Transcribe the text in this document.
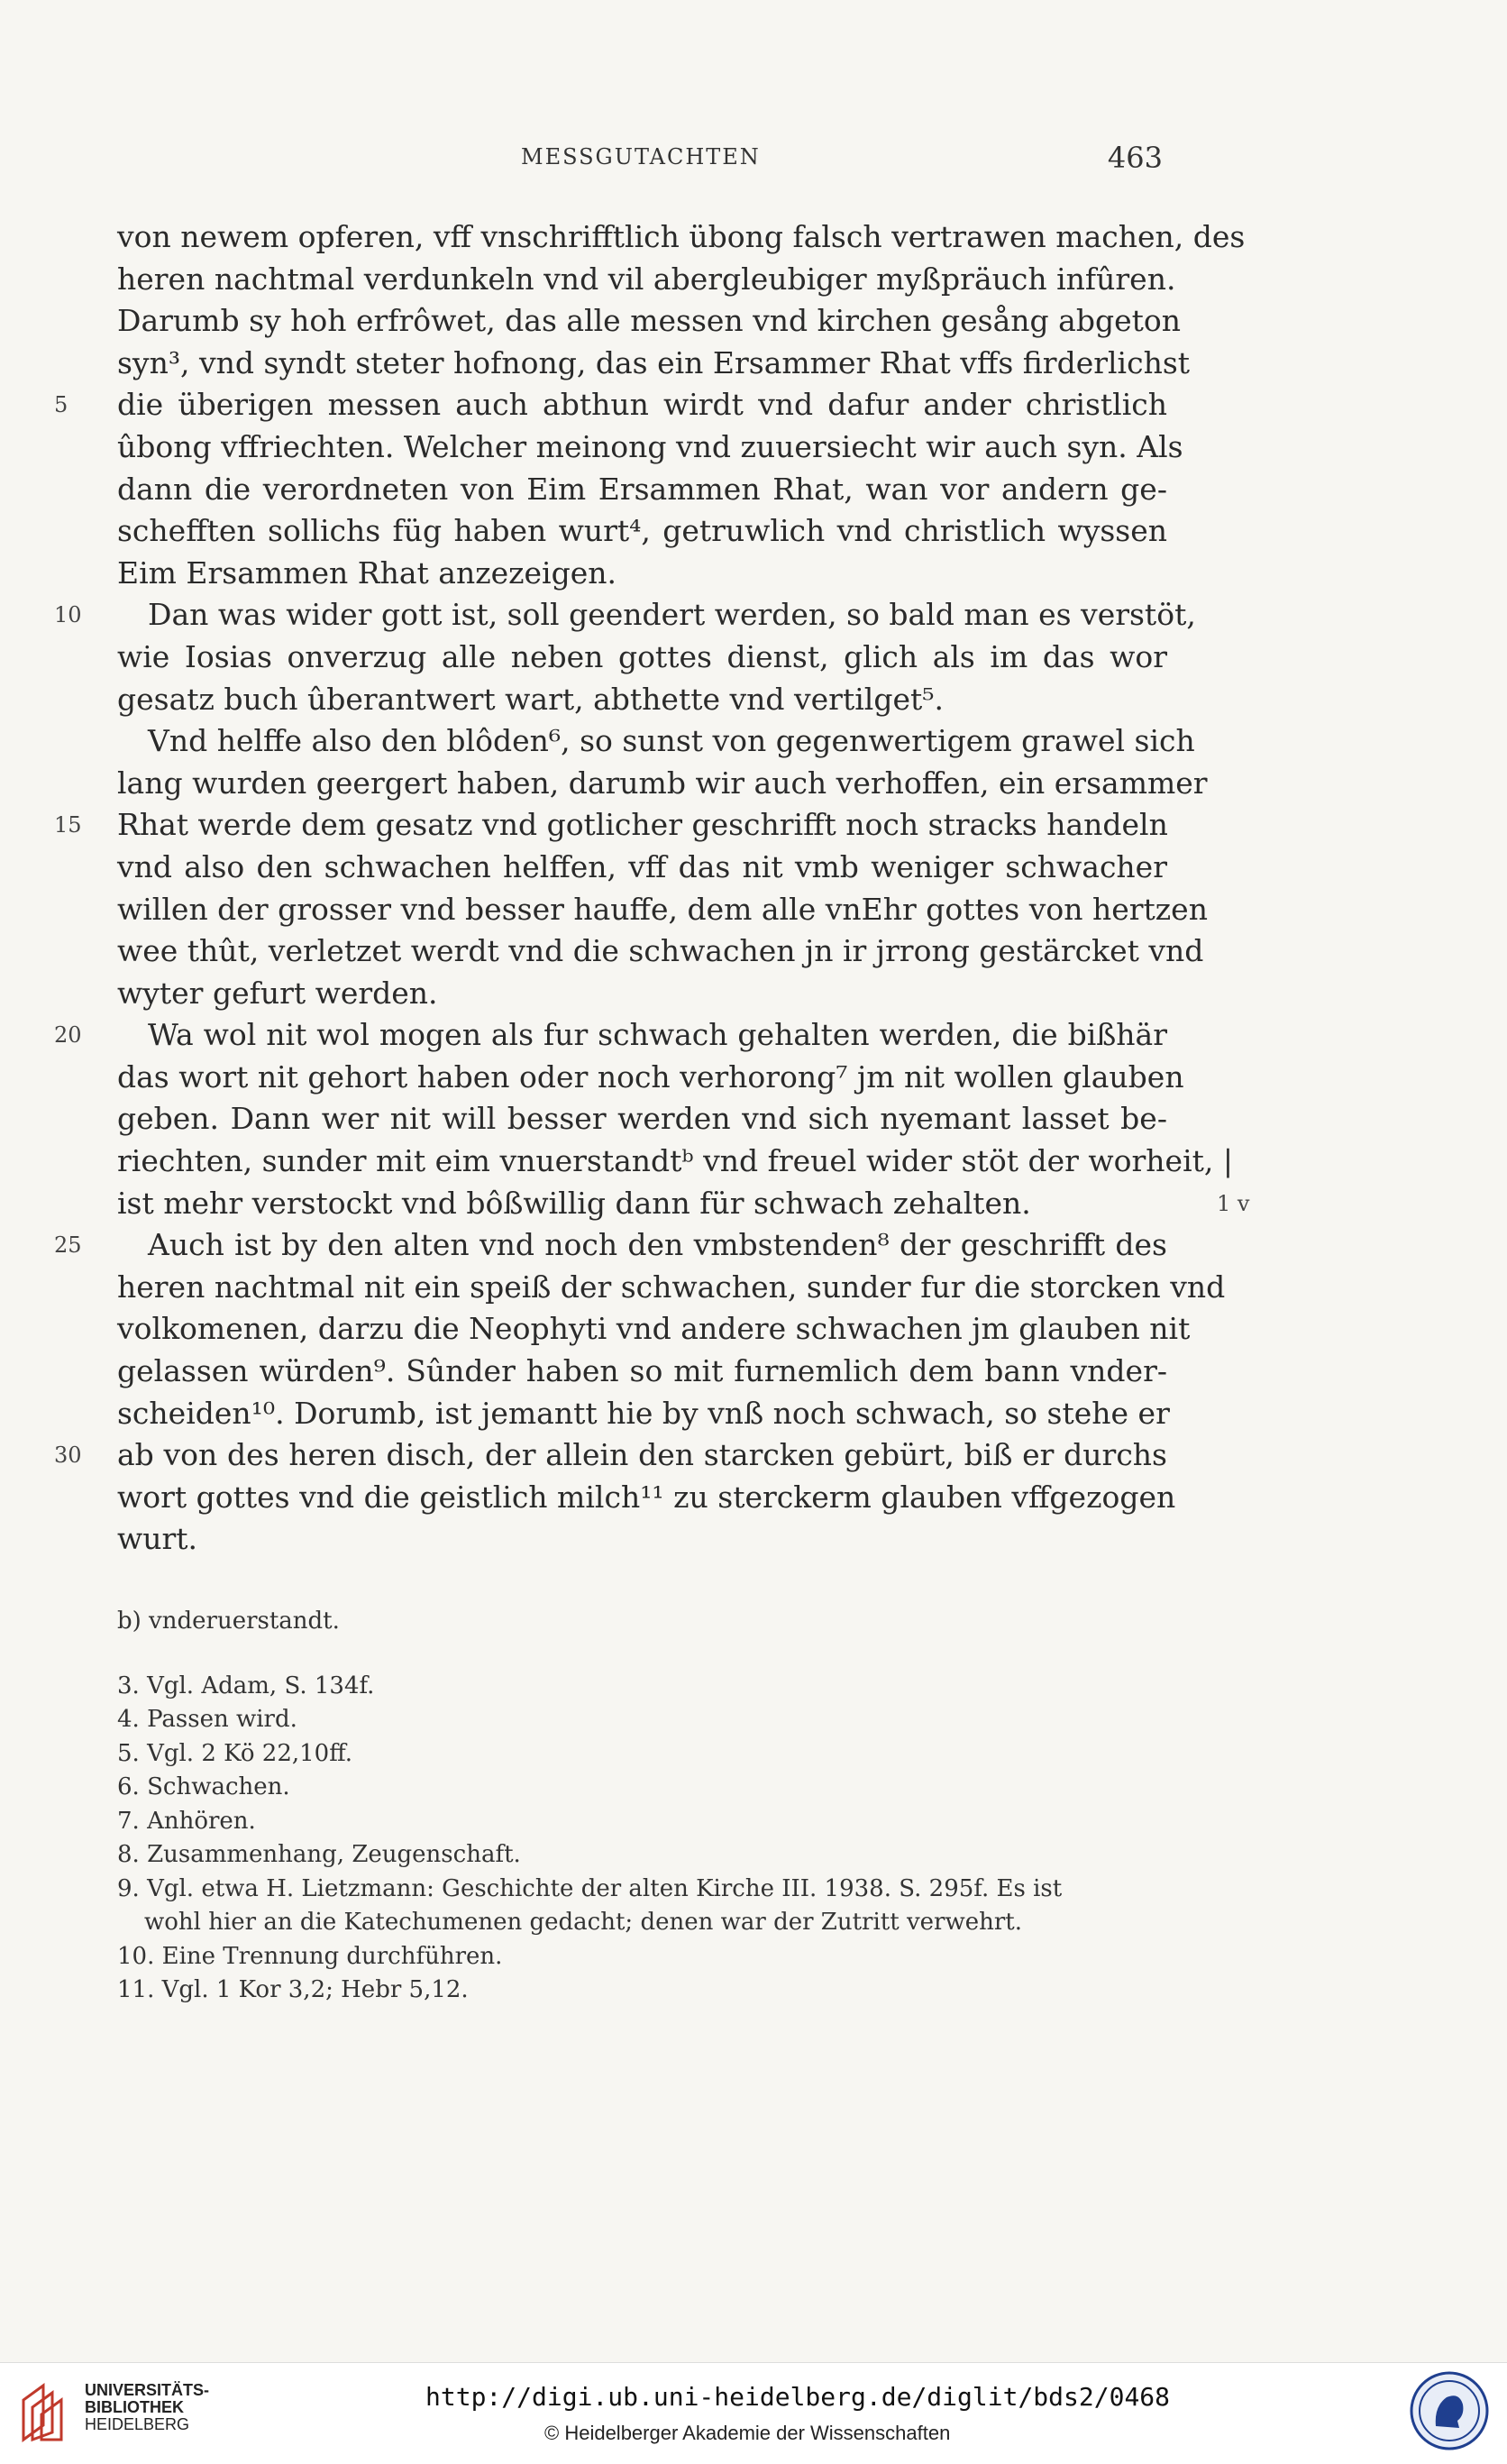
MESSGUTACHTEN	463
von newem opferen, vff vnschrifftlich übong falsch vertrawen machen, des
heren nachtmal verdunkeln vnd vil abergleubiger myßpräuch infûren.
Darumb sy hoh erfrôwet, das alle messen vnd kirchen gesång abgeton
syn³, vnd syndt steter hofnong, das ein Ersammer Rhat vffs firderlichst
die überigen messen auch abthun wirdt vnd dafur ander christlich
5
ûbong vffriechten. Welcher meinong vnd zuuersiecht wir auch syn. Als
dann die verordneten von Eim Ersammen Rhat, wan vor andern ge-
schefften sollichs füg haben wurt⁴, getruwlich vnd christlich wyssen
Eim Ersammen Rhat anzezeigen.
Dan was wider gott ist, soll geendert werden, so bald man es verstöt,
10
wie Iosias onverzug alle neben gottes dienst, glich als im das wor
gesatz buch ûberantwert wart, abthette vnd vertilget⁵.
Vnd helffe also den blôden⁶, so sunst von gegenwertigem grawel sich
lang wurden geergert haben, darumb wir auch verhoffen, ein ersammer
Rhat werde dem gesatz vnd gotlicher geschrifft noch stracks handeln
15
vnd also den schwachen helffen, vff das nit vmb weniger schwacher
willen der grosser vnd besser hauffe, dem alle vnEhr gottes von hertzen
wee thût, verletzet werdt vnd die schwachen jn ir jrrong gestärcket vnd
wyter gefurt werden.
Wa wol nit wol mogen als fur schwach gehalten werden, die bißhär
20
das wort nit gehort haben oder noch verhorong⁷ jm nit wollen glauben
geben. Dann wer nit will besser werden vnd sich nyemant lasset be-
riechten, sunder mit eim vnuerstandtᵇ vnd freuel wider stöt der worheit, |
ist mehr verstockt vnd bôßwillig dann für schwach zehalten.	1 v
Auch ist by den alten vnd noch den vmbstenden⁸ der geschrifft des
25
heren nachtmal nit ein speiß der schwachen, sunder fur die storcken vnd
volkomenen, darzu die Neophyti vnd andere schwachen jm glauben nit
gelassen würden⁹. Sûnder haben so mit furnemlich dem bann vnder-
scheiden¹⁰. Dorumb, ist jemantt hie by vnß noch schwach, so stehe er
ab von des heren disch, der allein den starcken gebürt, biß er durchs
30
wort gottes vnd die geistlich milch¹¹ zu sterckerm glauben vffgezogen
wurt.
b) vnderuerstandt.
3. Vgl. Adam, S. 134f.
4. Passen wird.
5. Vgl. 2 Kö 22,10ff.
6. Schwachen.
7. Anhören.
8. Zusammenhang, Zeugenschaft.
9. Vgl. etwa H. Lietzmann: Geschichte der alten Kirche III. 1938. S. 295f. Es ist
wohl hier an die Katechumenen gedacht; denen war der Zutritt verwehrt.
10. Eine Trennung durchführen.
11. Vgl. 1 Kor 3,2; Hebr 5,12.
UNIVERSITÄTS-
BIBLIOTHEK
HEIDELBERG
http://digi.ub.uni-heidelberg.de/diglit/bds2/0468
© Heidelberger Akademie der Wissenschaften
